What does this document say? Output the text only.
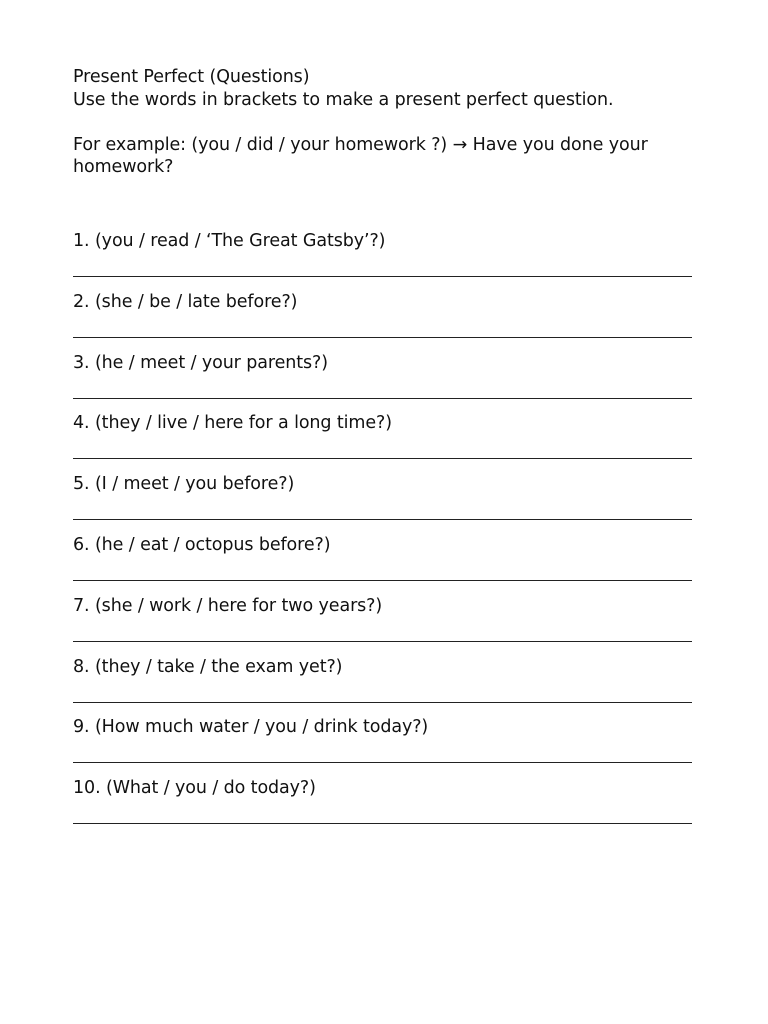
Present Perfect (Questions)
Use the words in brackets to make a present perfect question.
For example: (you / did / your homework ?) → Have you done your homework?
1. (you / read / ‘The Great Gatsby’?)
2. (she / be / late before?)
3. (he / meet / your parents?)
4. (they / live / here for a long time?)
5. (I / meet / you before?)
6. (he / eat / octopus before?)
7. (she / work / here for two years?)
8. (they / take / the exam yet?)
9. (How much water / you / drink today?)
10. (What / you / do today?)
